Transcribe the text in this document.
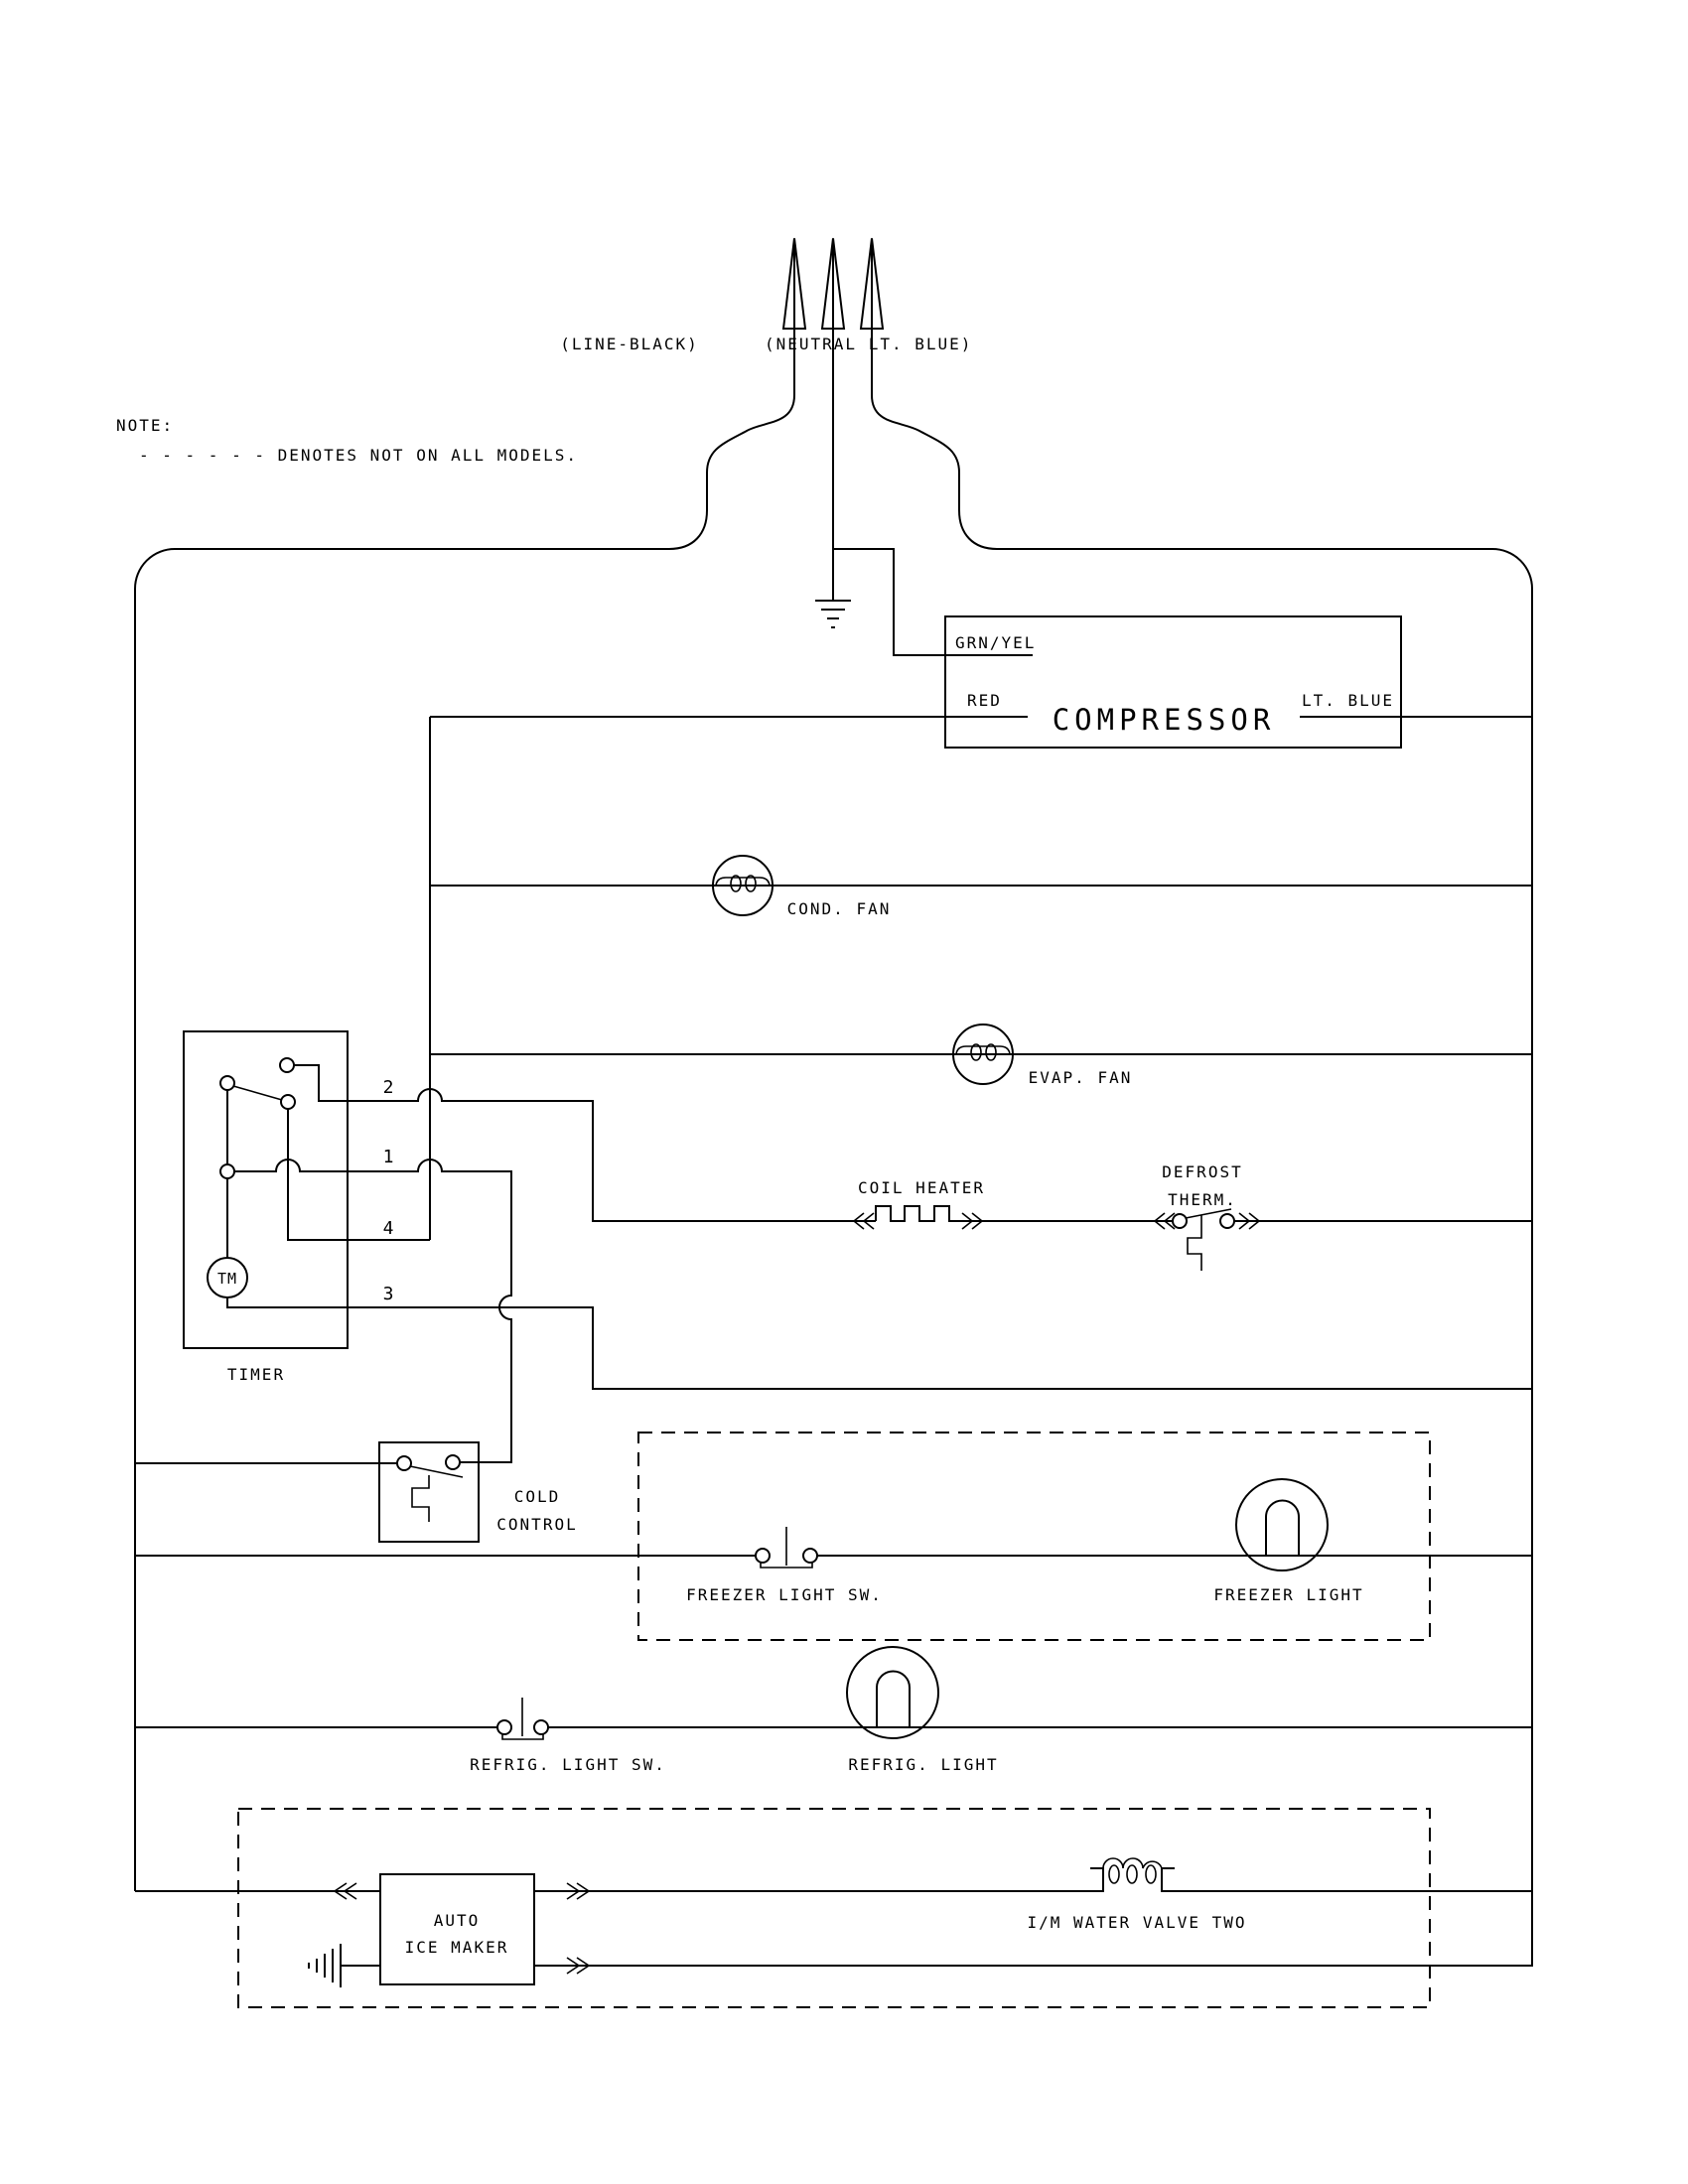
(LINE-BLACK)	(NEUTRAL LT. BLUE)
NOTE:
- - - - - - DENOTES NOT ON ALL MODELS.
GRN/YEL
RED	LT. BLUE
COMPRESSOR
COND. FAN
EVAP. FAN
TM
2
1
4
3
TIMER
COIL HEATER
DEFROST
THERM.
COLD
CONTROL
FREEZER LIGHT SW.	FREEZER LIGHT
REFRIG. LIGHT SW.	REFRIG. LIGHT
AUTO
ICE MAKER
I/M WATER VALVE TWO
